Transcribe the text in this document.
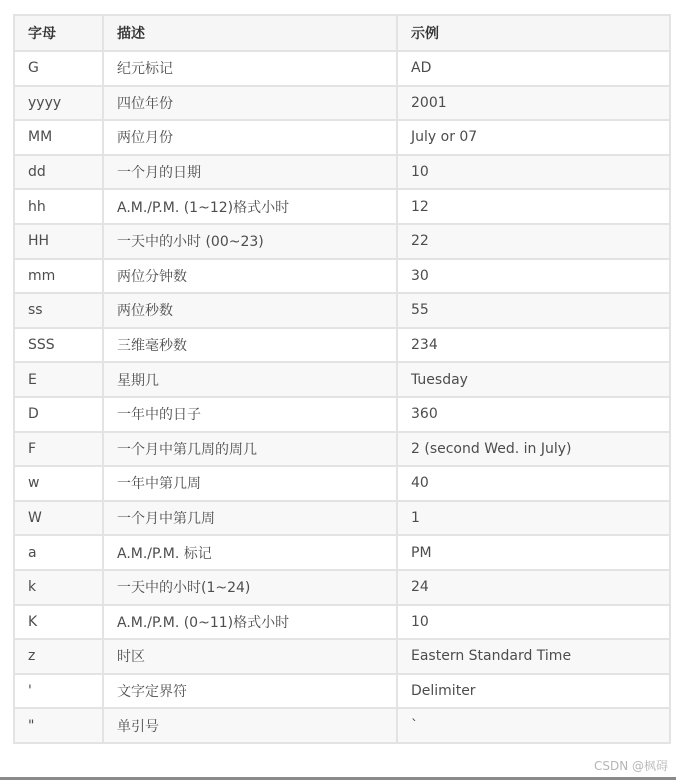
字母	描述	示例
G	纪元标记	AD
yyyy	四位年份	2001
MM	两位月份	July or 07
dd	一个月的日期	10
hh	A.M./P.M. (1~12)格式小时	12
HH	一天中的小时 (00~23)	22
mm	两位分钟数	30
ss	两位秒数	55
SSS	三维毫秒数	234
E	星期几	Tuesday
D	一年中的日子	360
F	一个月中第几周的周几	2 (second Wed. in July)
w	一年中第几周	40
W	一个月中第几周	1
a	A.M./P.M. 标记	PM
k	一天中的小时(1~24)	24
K	A.M./P.M. (0~11)格式小时	10
z	时区	Eastern Standard Time
'	文字定界符	Delimiter
"	单引号	`
CSDN @枫碍
